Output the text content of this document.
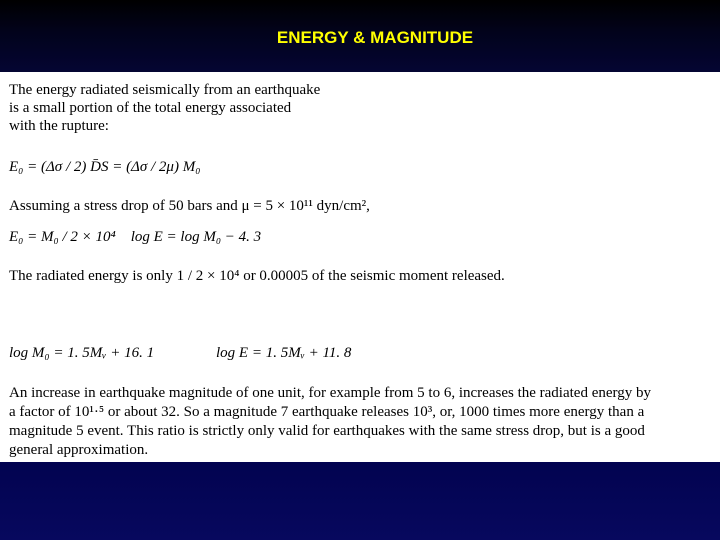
ENERGY & MAGNITUDE
The energy radiated seismically from an earthquake
is a small portion of the total energy associated
with the rupture:
E₀ = (Δσ / 2) D̄S = (Δσ / 2μ) M₀
Assuming a stress drop of 50 bars and μ = 5 × 10¹¹ dyn/cm²,
E₀ = M₀ / 2 × 10⁴    log E = log M₀ − 4. 3
The radiated energy is only 1 / 2 × 10⁴ or 0.00005 of the seismic moment released.
log M₀ = 1. 5Mᵥ + 16. 1	log E = 1. 5Mᵥ + 11. 8
An increase in earthquake magnitude of one unit, for example from 5 to 6, increases the radiated energy by
a factor of 10¹·⁵ or about 32. So a magnitude 7 earthquake releases 10³, or, 1000 times more energy than a
magnitude 5 event. This ratio is strictly only valid for earthquakes with the same stress drop, but is a good
general approximation.
